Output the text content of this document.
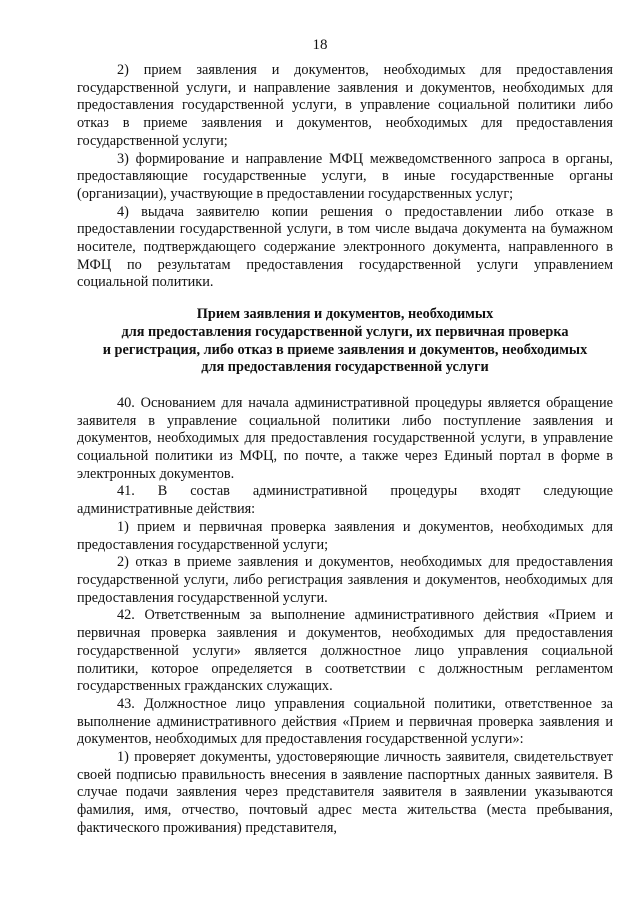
18

2) прием заявления и документов, необходимых для предоставления государственной услуги, и направление заявления и документов, необходимых для предоставления государственной услуги, в управление социальной политики либо отказ в приеме заявления и документов, необходимых для предоставления государственной услуги;

3) формирование и направление МФЦ межведомственного запроса в органы, предоставляющие государственные услуги, в иные государственные органы (организации), участвующие в предоставлении государственных услуг;

4) выдача заявителю копии решения о предоставлении либо отказе в предоставлении государственной услуги, в том числе выдача документа на бумажном носителе, подтверждающего содержание электронного документа, направленного в МФЦ по результатам предоставления государственной услуги управлением социальной политики.

Прием заявления и документов, необходимых
для предоставления государственной услуги, их первичная проверка
и регистрация, либо отказ в приеме заявления и документов, необходимых
для предоставления государственной услуги

40. Основанием для начала административной процедуры является обращение заявителя в управление социальной политики либо поступление заявления и документов, необходимых для предоставления государственной услуги, в управление социальной политики из МФЦ, по почте, а также через Единый портал в форме в электронных документов.

41. В состав административной процедуры входят следующие административные действия:

1) прием и первичная проверка заявления и документов, необходимых для предоставления государственной услуги;

2) отказ в приеме заявления и документов, необходимых для предоставления государственной услуги, либо регистрация заявления и документов, необходимых для предоставления государственной услуги.

42. Ответственным за выполнение административного действия «Прием и первичная проверка заявления и документов, необходимых для предоставления государственной услуги» является должностное лицо управления социальной политики, которое определяется в соответствии с должностным регламентом государственных гражданских служащих.

43. Должностное лицо управления социальной политики, ответственное за выполнение административного действия «Прием и первичная проверка заявления и документов, необходимых для предоставления государственной услуги»:

1) проверяет документы, удостоверяющие личность заявителя, свидетельствует своей подписью правильность внесения в заявление паспортных данных заявителя. В случае подачи заявления через представителя заявителя в заявлении указываются фамилия, имя, отчество, почтовый адрес места жительства (места пребывания, фактического проживания) представителя,
